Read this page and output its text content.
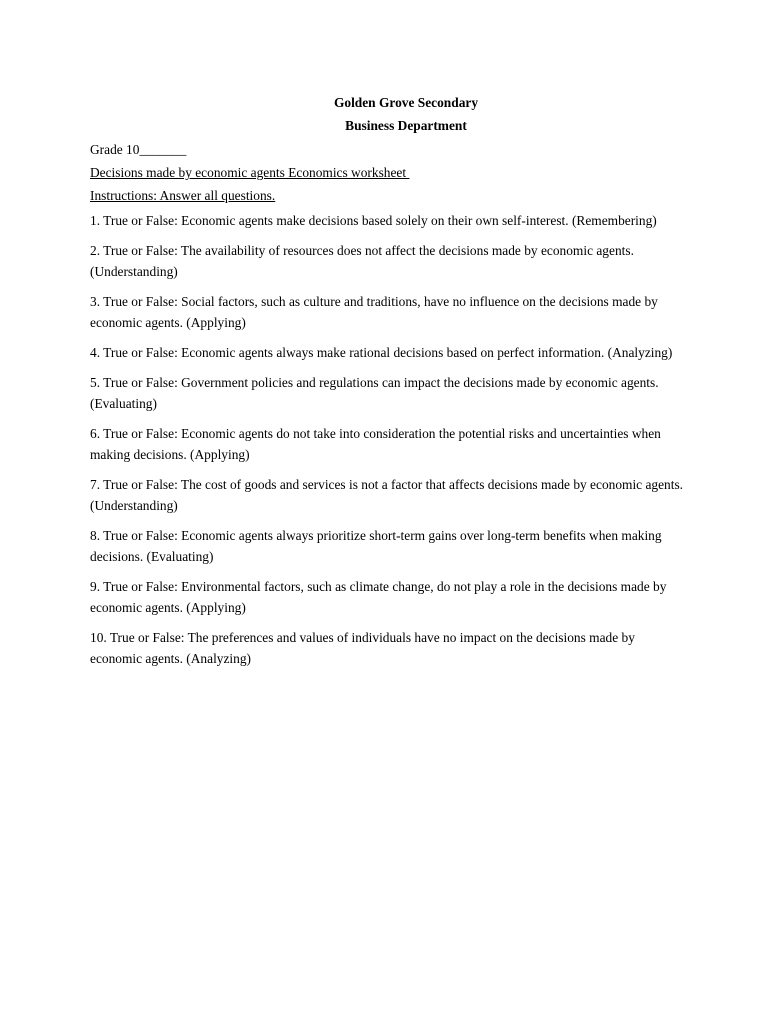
Golden Grove Secondary

Business Department

Grade 10_______

Decisions made by economic agents Economics worksheet

Instructions: Answer all questions.

1. True or False: Economic agents make decisions based solely on their own self-interest. (Remembering)
2. True or False: The availability of resources does not affect the decisions made by economic agents. (Understanding)
3. True or False: Social factors, such as culture and traditions, have no influence on the decisions made by economic agents. (Applying)
4. True or False: Economic agents always make rational decisions based on perfect information. (Analyzing)
5. True or False: Government policies and regulations can impact the decisions made by economic agents. (Evaluating)
6. True or False: Economic agents do not take into consideration the potential risks and uncertainties when making decisions. (Applying)
7. True or False: The cost of goods and services is not a factor that affects decisions made by economic agents. (Understanding)
8. True or False: Economic agents always prioritize short-term gains over long-term benefits when making decisions. (Evaluating)
9. True or False: Environmental factors, such as climate change, do not play a role in the decisions made by economic agents. (Applying)
10. True or False: The preferences and values of individuals have no impact on the decisions made by economic agents. (Analyzing)
